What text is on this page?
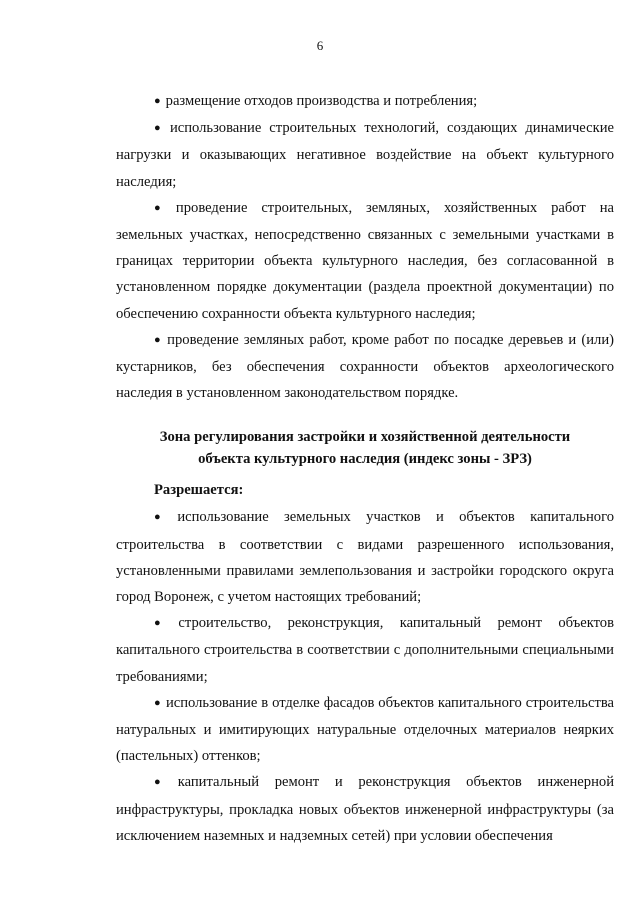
6

● размещение отходов производства и потребления;

● использование строительных технологий, создающих динамические нагрузки и оказывающих негативное воздействие на объект культурного наследия;

● проведение строительных, земляных, хозяйственных работ на земельных участках, непосредственно связанных с земельными участками в границах территории объекта культурного наследия, без согласованной в установленном порядке документации (раздела проектной документации) по обеспечению сохранности объекта культурного наследия;

● проведение земляных работ, кроме работ по посадке деревьев и (или) кустарников, без обеспечения сохранности объектов археологического наследия в установленном законодательством порядке.

Зона регулирования застройки и хозяйственной деятельности
объекта культурного наследия (индекс зоны - ЗРЗ)
Разрешается:

● использование земельных участков и объектов капитального строительства в соответствии с видами разрешенного использования, установленными правилами землепользования и застройки городского округа город Воронеж, с учетом настоящих требований;

● строительство, реконструкция, капитальный ремонт объектов капитального строительства в соответствии с дополнительными специальными требованиями;

● использование в отделке фасадов объектов капитального строительства натуральных и имитирующих натуральные отделочных материалов неярких (пастельных) оттенков;

● капитальный ремонт и реконструкция объектов инженерной инфраструктуры, прокладка новых объектов инженерной инфраструктуры (за исключением наземных и надземных сетей) при условии обеспечения
